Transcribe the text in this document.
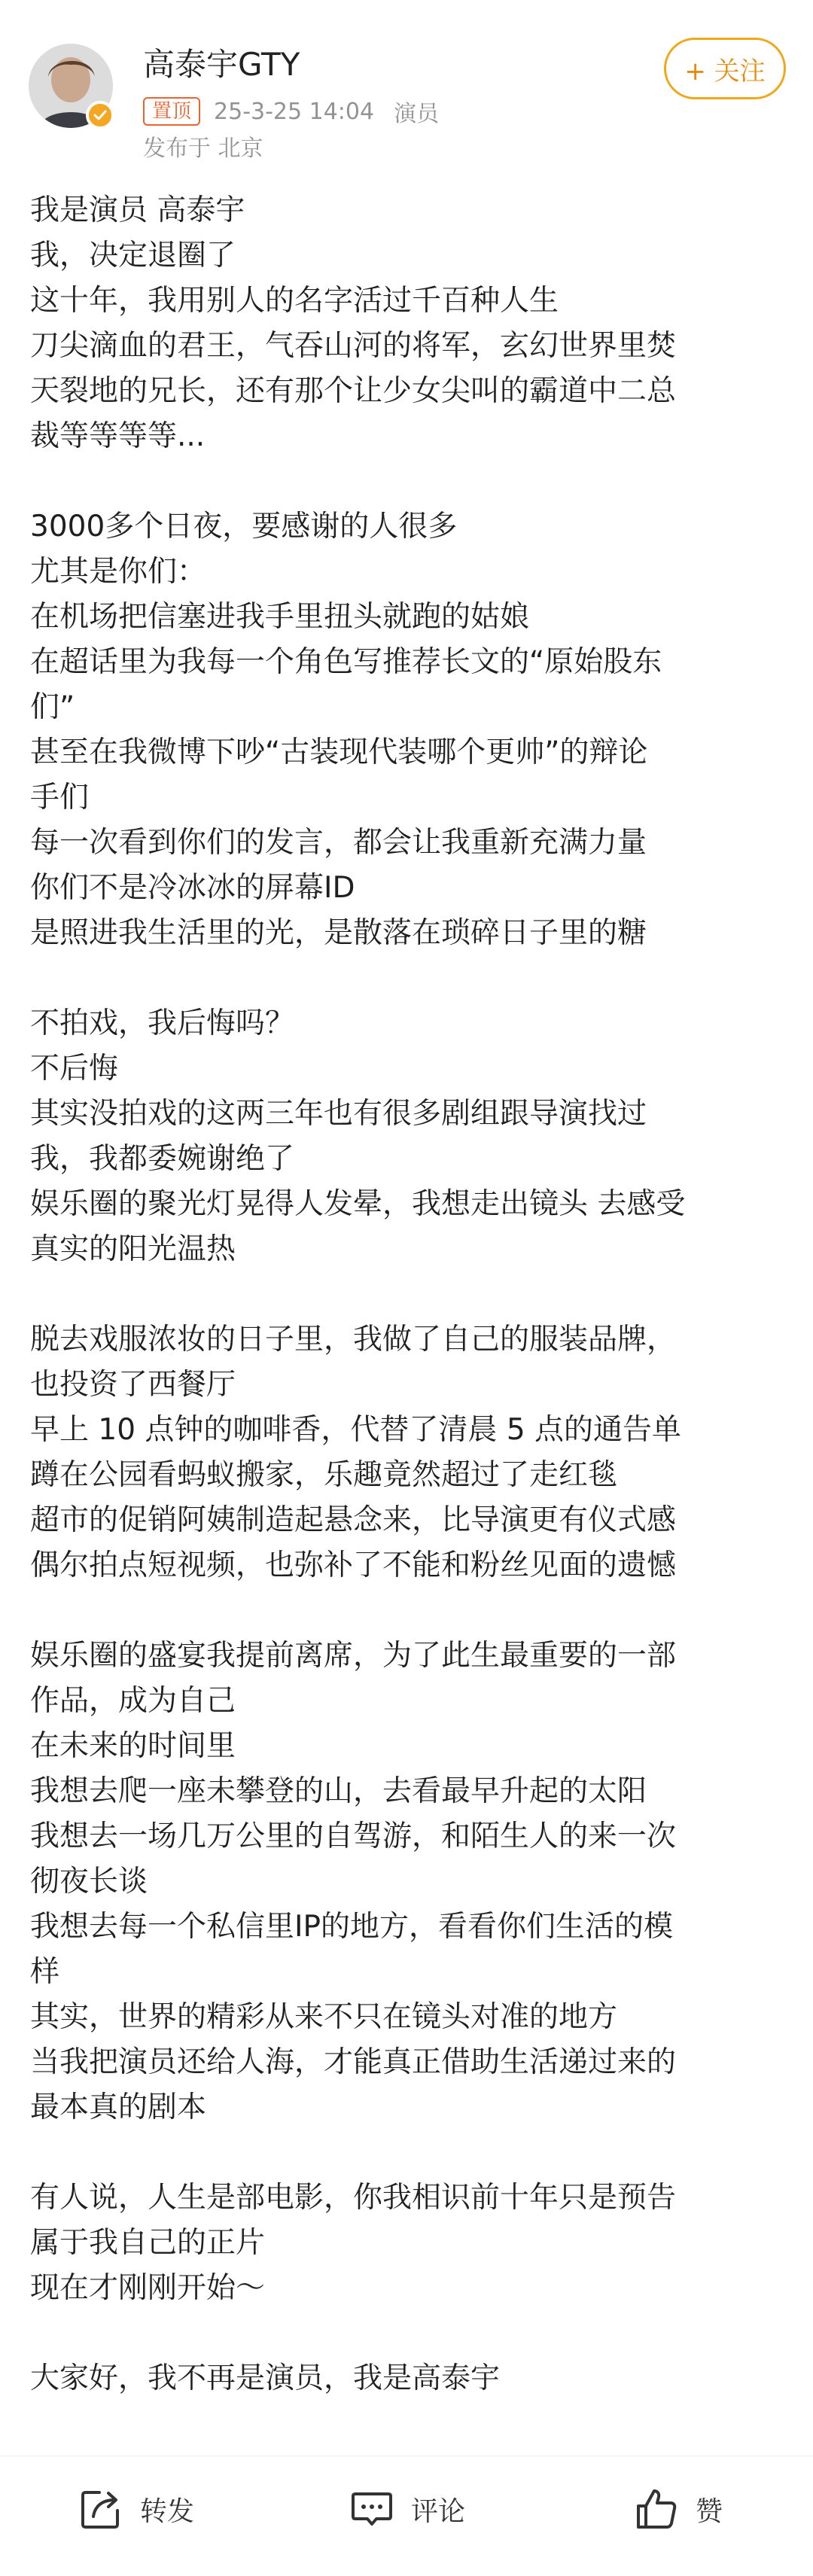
高泰宇GTY
置顶	25-3-25 14:04 演员
发布于 北京
+ 关注
我是演员 高泰宇
我，决定退圈了
这十年，我用别人的名字活过千百种人生
刀尖滴血的君王，气吞山河的将军，玄幻世界里焚
天裂地的兄长，还有那个让少女尖叫的霸道中二总
裁等等等等...
3000多个日夜，要感谢的人很多
尤其是你们：
在机场把信塞进我手里扭头就跑的姑娘
在超话里为我每一个角色写推荐长文的“原始股东
们”
甚至在我微博下吵“古装现代装哪个更帅”的辩论
手们
每一次看到你们的发言，都会让我重新充满力量
你们不是冷冰冰的屏幕ID
是照进我生活里的光，是散落在琐碎日子里的糖
不拍戏，我后悔吗？
不后悔
其实没拍戏的这两三年也有很多剧组跟导演找过
我，我都委婉谢绝了
娱乐圈的聚光灯晃得人发晕，我想走出镜头 去感受
真实的阳光温热
脱去戏服浓妆的日子里，我做了自己的服装品牌，
也投资了西餐厅
早上 10 点钟的咖啡香，代替了清晨 5 点的通告单
蹲在公园看蚂蚁搬家，乐趣竟然超过了走红毯
超市的促销阿姨制造起悬念来，比导演更有仪式感
偶尔拍点短视频，也弥补了不能和粉丝见面的遗憾
娱乐圈的盛宴我提前离席，为了此生最重要的一部
作品，成为自己
在未来的时间里
我想去爬一座未攀登的山，去看最早升起的太阳
我想去一场几万公里的自驾游，和陌生人的来一次
彻夜长谈
我想去每一个私信里IP的地方，看看你们生活的模
样
其实，世界的精彩从来不只在镜头对准的地方
当我把演员还给人海，才能真正借助生活递过来的
最本真的剧本
有人说，人生是部电影，你我相识前十年只是预告
属于我自己的正片
现在才刚刚开始～
大家好，我不再是演员，我是高泰宇
转发	评论	赞
